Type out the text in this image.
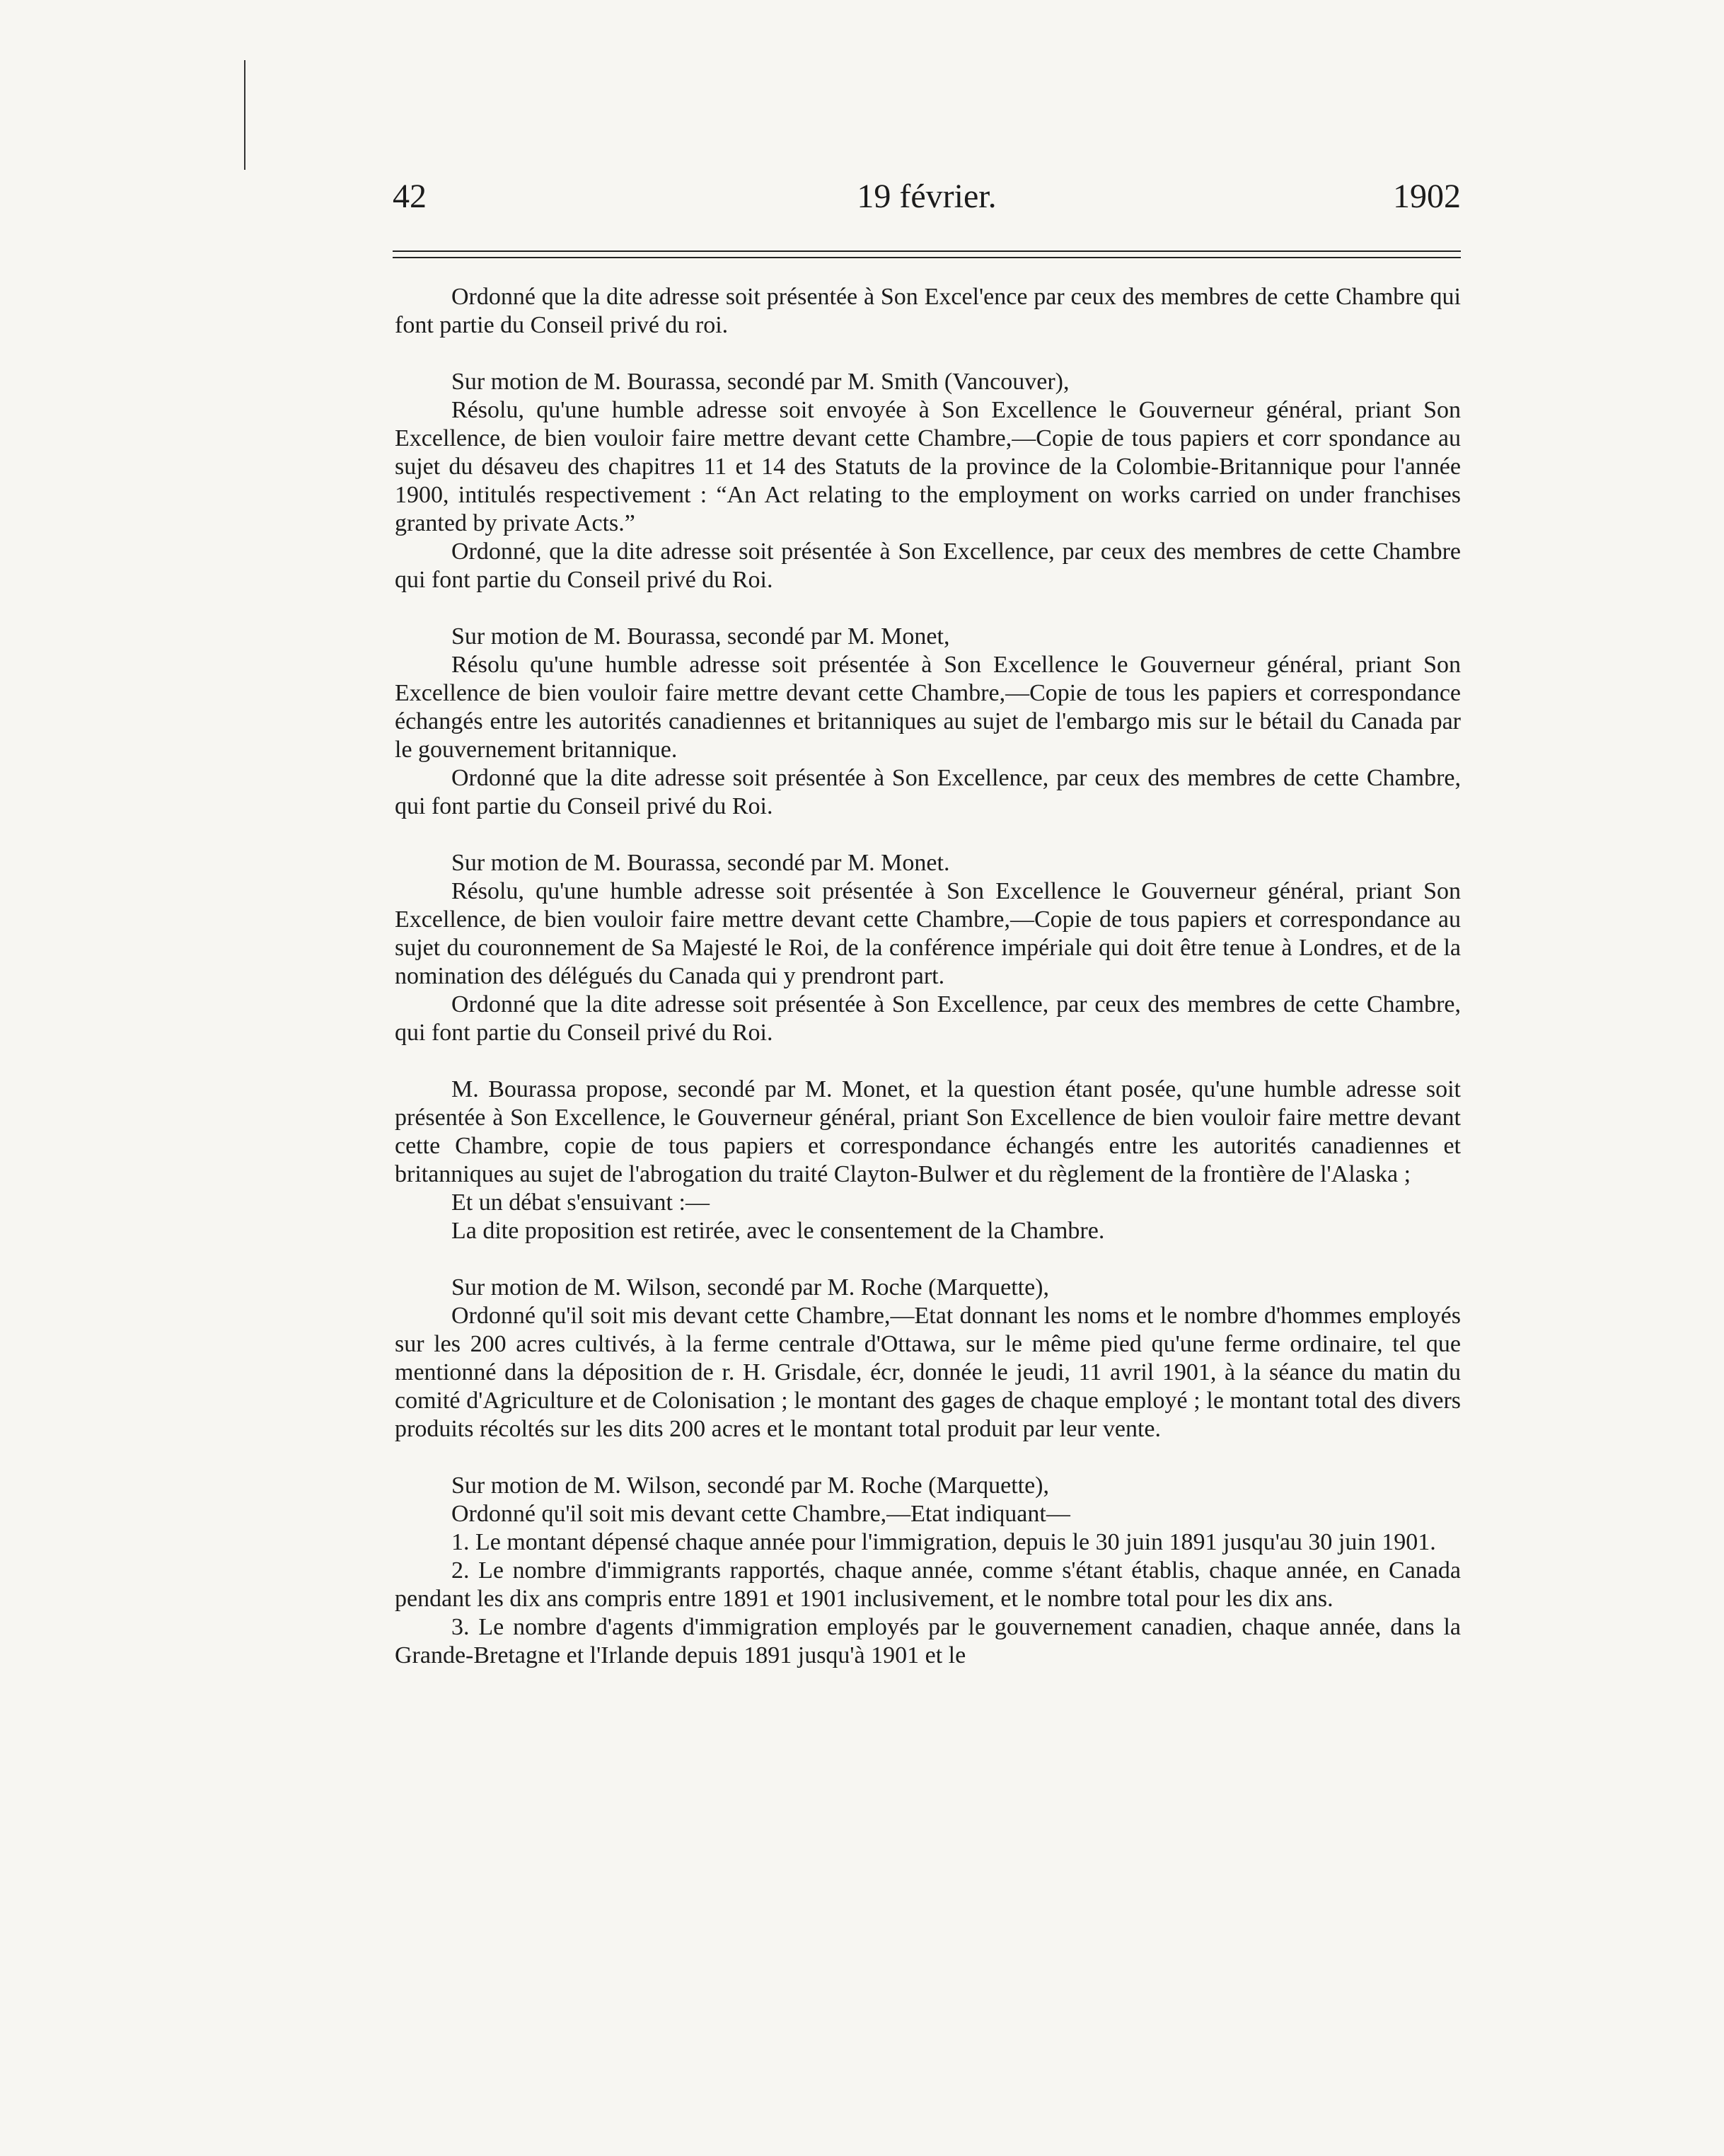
42	19 février.	1902

Ordonné que la dite adresse soit présentée à Son Excel'ence par ceux des membres de cette Chambre qui font partie du Conseil privé du roi.

Sur motion de M. Bourassa, secondé par M. Smith (Vancouver),

Résolu, qu'une humble adresse soit envoyée à Son Excellence le Gouverneur général, priant Son Excellence, de bien vouloir faire mettre devant cette Chambre,—Copie de tous papiers et corr spondance au sujet du désaveu des chapitres 11 et 14 des Statuts de la province de la Colombie-Britannique pour l'année 1900, intitulés respectivement : “An Act relating to the employment on works carried on under franchises granted by private Acts.”

Ordonné, que la dite adresse soit présentée à Son Excellence, par ceux des membres de cette Chambre qui font partie du Conseil privé du Roi.

Sur motion de M. Bourassa, secondé par M. Monet,

Résolu qu'une humble adresse soit présentée à Son Excellence le Gouverneur général, priant Son Excellence de bien vouloir faire mettre devant cette Chambre,—Copie de tous les papiers et correspondance échangés entre les autorités canadiennes et britanniques au sujet de l'embargo mis sur le bétail du Canada par le gouvernement britannique.

Ordonné que la dite adresse soit présentée à Son Excellence, par ceux des membres de cette Chambre, qui font partie du Conseil privé du Roi.

Sur motion de M. Bourassa, secondé par M. Monet.

Résolu, qu'une humble adresse soit présentée à Son Excellence le Gouverneur général, priant Son Excellence, de bien vouloir faire mettre devant cette Chambre,—Copie de tous papiers et correspondance au sujet du couronnement de Sa Majesté le Roi, de la conférence impériale qui doit être tenue à Londres, et de la nomination des délégués du Canada qui y prendront part.

Ordonné que la dite adresse soit présentée à Son Excellence, par ceux des membres de cette Chambre, qui font partie du Conseil privé du Roi.

M. Bourassa propose, secondé par M. Monet, et la question étant posée, qu'une humble adresse soit présentée à Son Excellence, le Gouverneur général, priant Son Excellence de bien vouloir faire mettre devant cette Chambre, copie de tous papiers et correspondance échangés entre les autorités canadiennes et britanniques au sujet de l'abrogation du traité Clayton-Bulwer et du règlement de la frontière de l'Alaska ;

Et un débat s'ensuivant :—

La dite proposition est retirée, avec le consentement de la Chambre.

Sur motion de M. Wilson, secondé par M. Roche (Marquette),

Ordonné qu'il soit mis devant cette Chambre,—Etat donnant les noms et le nombre d'hommes employés sur les 200 acres cultivés, à la ferme centrale d'Ottawa, sur le même pied qu'une ferme ordinaire, tel que mentionné dans la déposition de r. H. Grisdale, écr, donnée le jeudi, 11 avril 1901, à la séance du matin du comité d'Agriculture et de Colonisation ; le montant des gages de chaque employé ; le montant total des divers produits récoltés sur les dits 200 acres et le montant total produit par leur vente.

Sur motion de M. Wilson, secondé par M. Roche (Marquette),

Ordonné qu'il soit mis devant cette Chambre,—Etat indiquant—

1. Le montant dépensé chaque année pour l'immigration, depuis le 30 juin 1891 jusqu'au 30 juin 1901.

2. Le nombre d'immigrants rapportés, chaque année, comme s'étant établis, chaque année, en Canada pendant les dix ans compris entre 1891 et 1901 inclusivement, et le nombre total pour les dix ans.

3. Le nombre d'agents d'immigration employés par le gouvernement canadien, chaque année, dans la Grande-Bretagne et l'Irlande depuis 1891 jusqu'à 1901 et le
